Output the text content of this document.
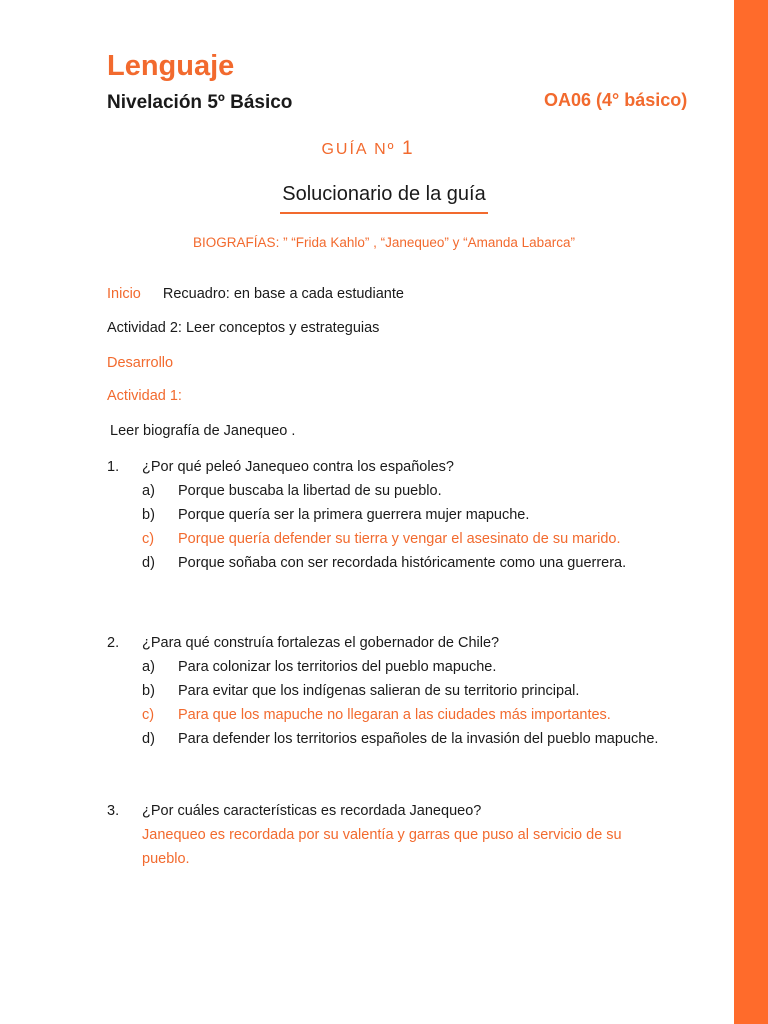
Lenguaje
Nivelación 5º Básico	OA06 (4° básico)
GUÍA Nº 1
Solucionario de la guía
BIOGRAFÍAS: ” “Frida Kahlo” , “Janequeo” y “Amanda Labarca”
Inicio Recuadro: en base a cada estudiante
Actividad 2: Leer conceptos y estrateguias
Desarrollo
Actividad 1:
Leer biografía de Janequeo .
1. ¿Por qué peleó Janequeo contra los españoles?
a) Porque buscaba la libertad de su pueblo.
b) Porque quería ser la primera guerrera mujer mapuche.
c) Porque quería defender su tierra y vengar el asesinato de su marido.
d) Porque soñaba con ser recordada históricamente como una guerrera.
2. ¿Para qué construía fortalezas el gobernador de Chile?
a) Para colonizar los territorios del pueblo mapuche.
b) Para evitar que los indígenas salieran de su territorio principal.
c) Para que los mapuche no llegaran a las ciudades más importantes.
d) Para defender los territorios españoles de la invasión del pueblo mapuche.
3. ¿Por cuáles características es recordada Janequeo?
Janequeo es recordada por su valentía y garras que puso al servicio de su pueblo.
